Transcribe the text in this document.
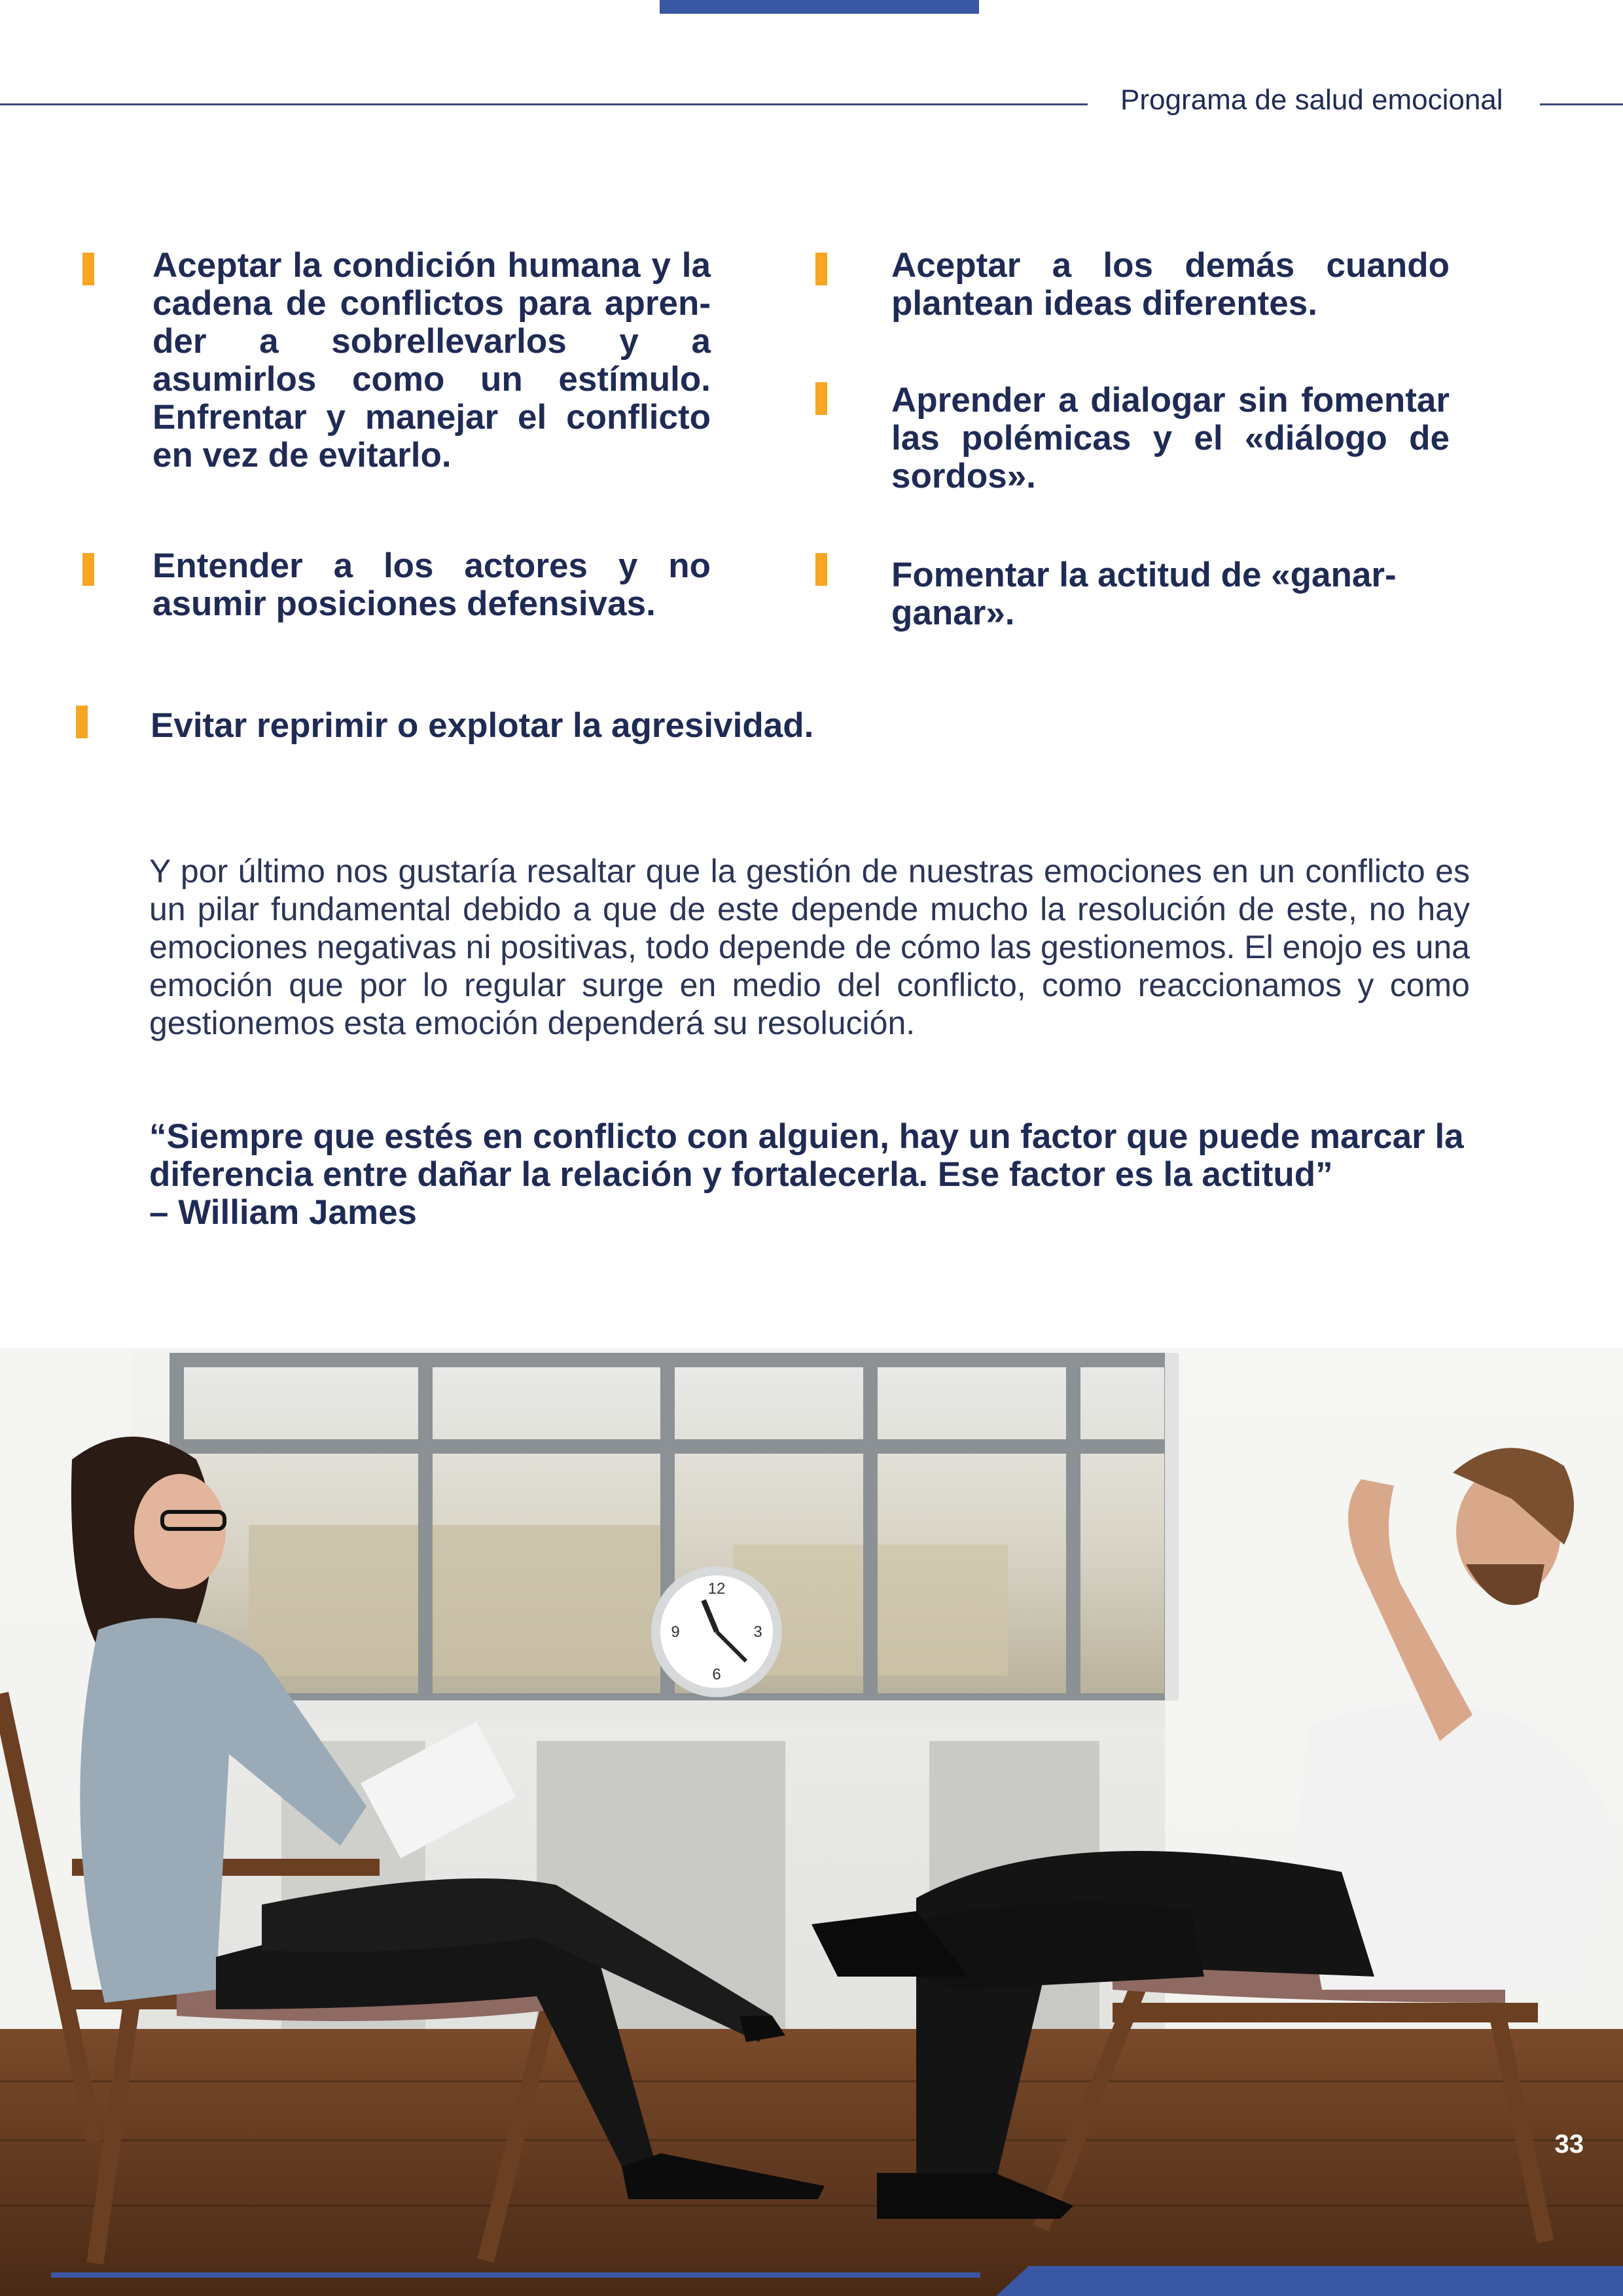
Programa de salud emocional

Aceptar la condición humana y la cadena de conflictos para apren-der a sobrellevarlos y a asumirlos como un estímulo. Enfrentar y manejar el conflicto en vez de evitarlo.

Entender a los actores y no asumir posiciones defensivas.

Aceptar a los demás cuando plantean ideas diferentes.

Aprender a dialogar sin fomentar las polémicas y el «diálogo de sordos».

Fomentar la actitud de «ganar-ganar».

Evitar reprimir o explotar la agresividad.

Y por último nos gustaría resaltar que la gestión de nuestras emociones en un conflicto es un pilar fundamental debido a que de este depende mucho la resolución de este, no hay emociones negativas ni positivas, todo depende de cómo las gestionemos. El enojo es una emoción que por lo regular surge en medio del conflicto, como reaccionamos y como gestionemos esta emoción dependerá su resolución.

“Siempre que estés en conflicto con alguien, hay un factor que puede marcar la
diferencia entre dañar la relación y fortalecerla. Ese factor es la actitud”
– William James

12
3
6
9
33
